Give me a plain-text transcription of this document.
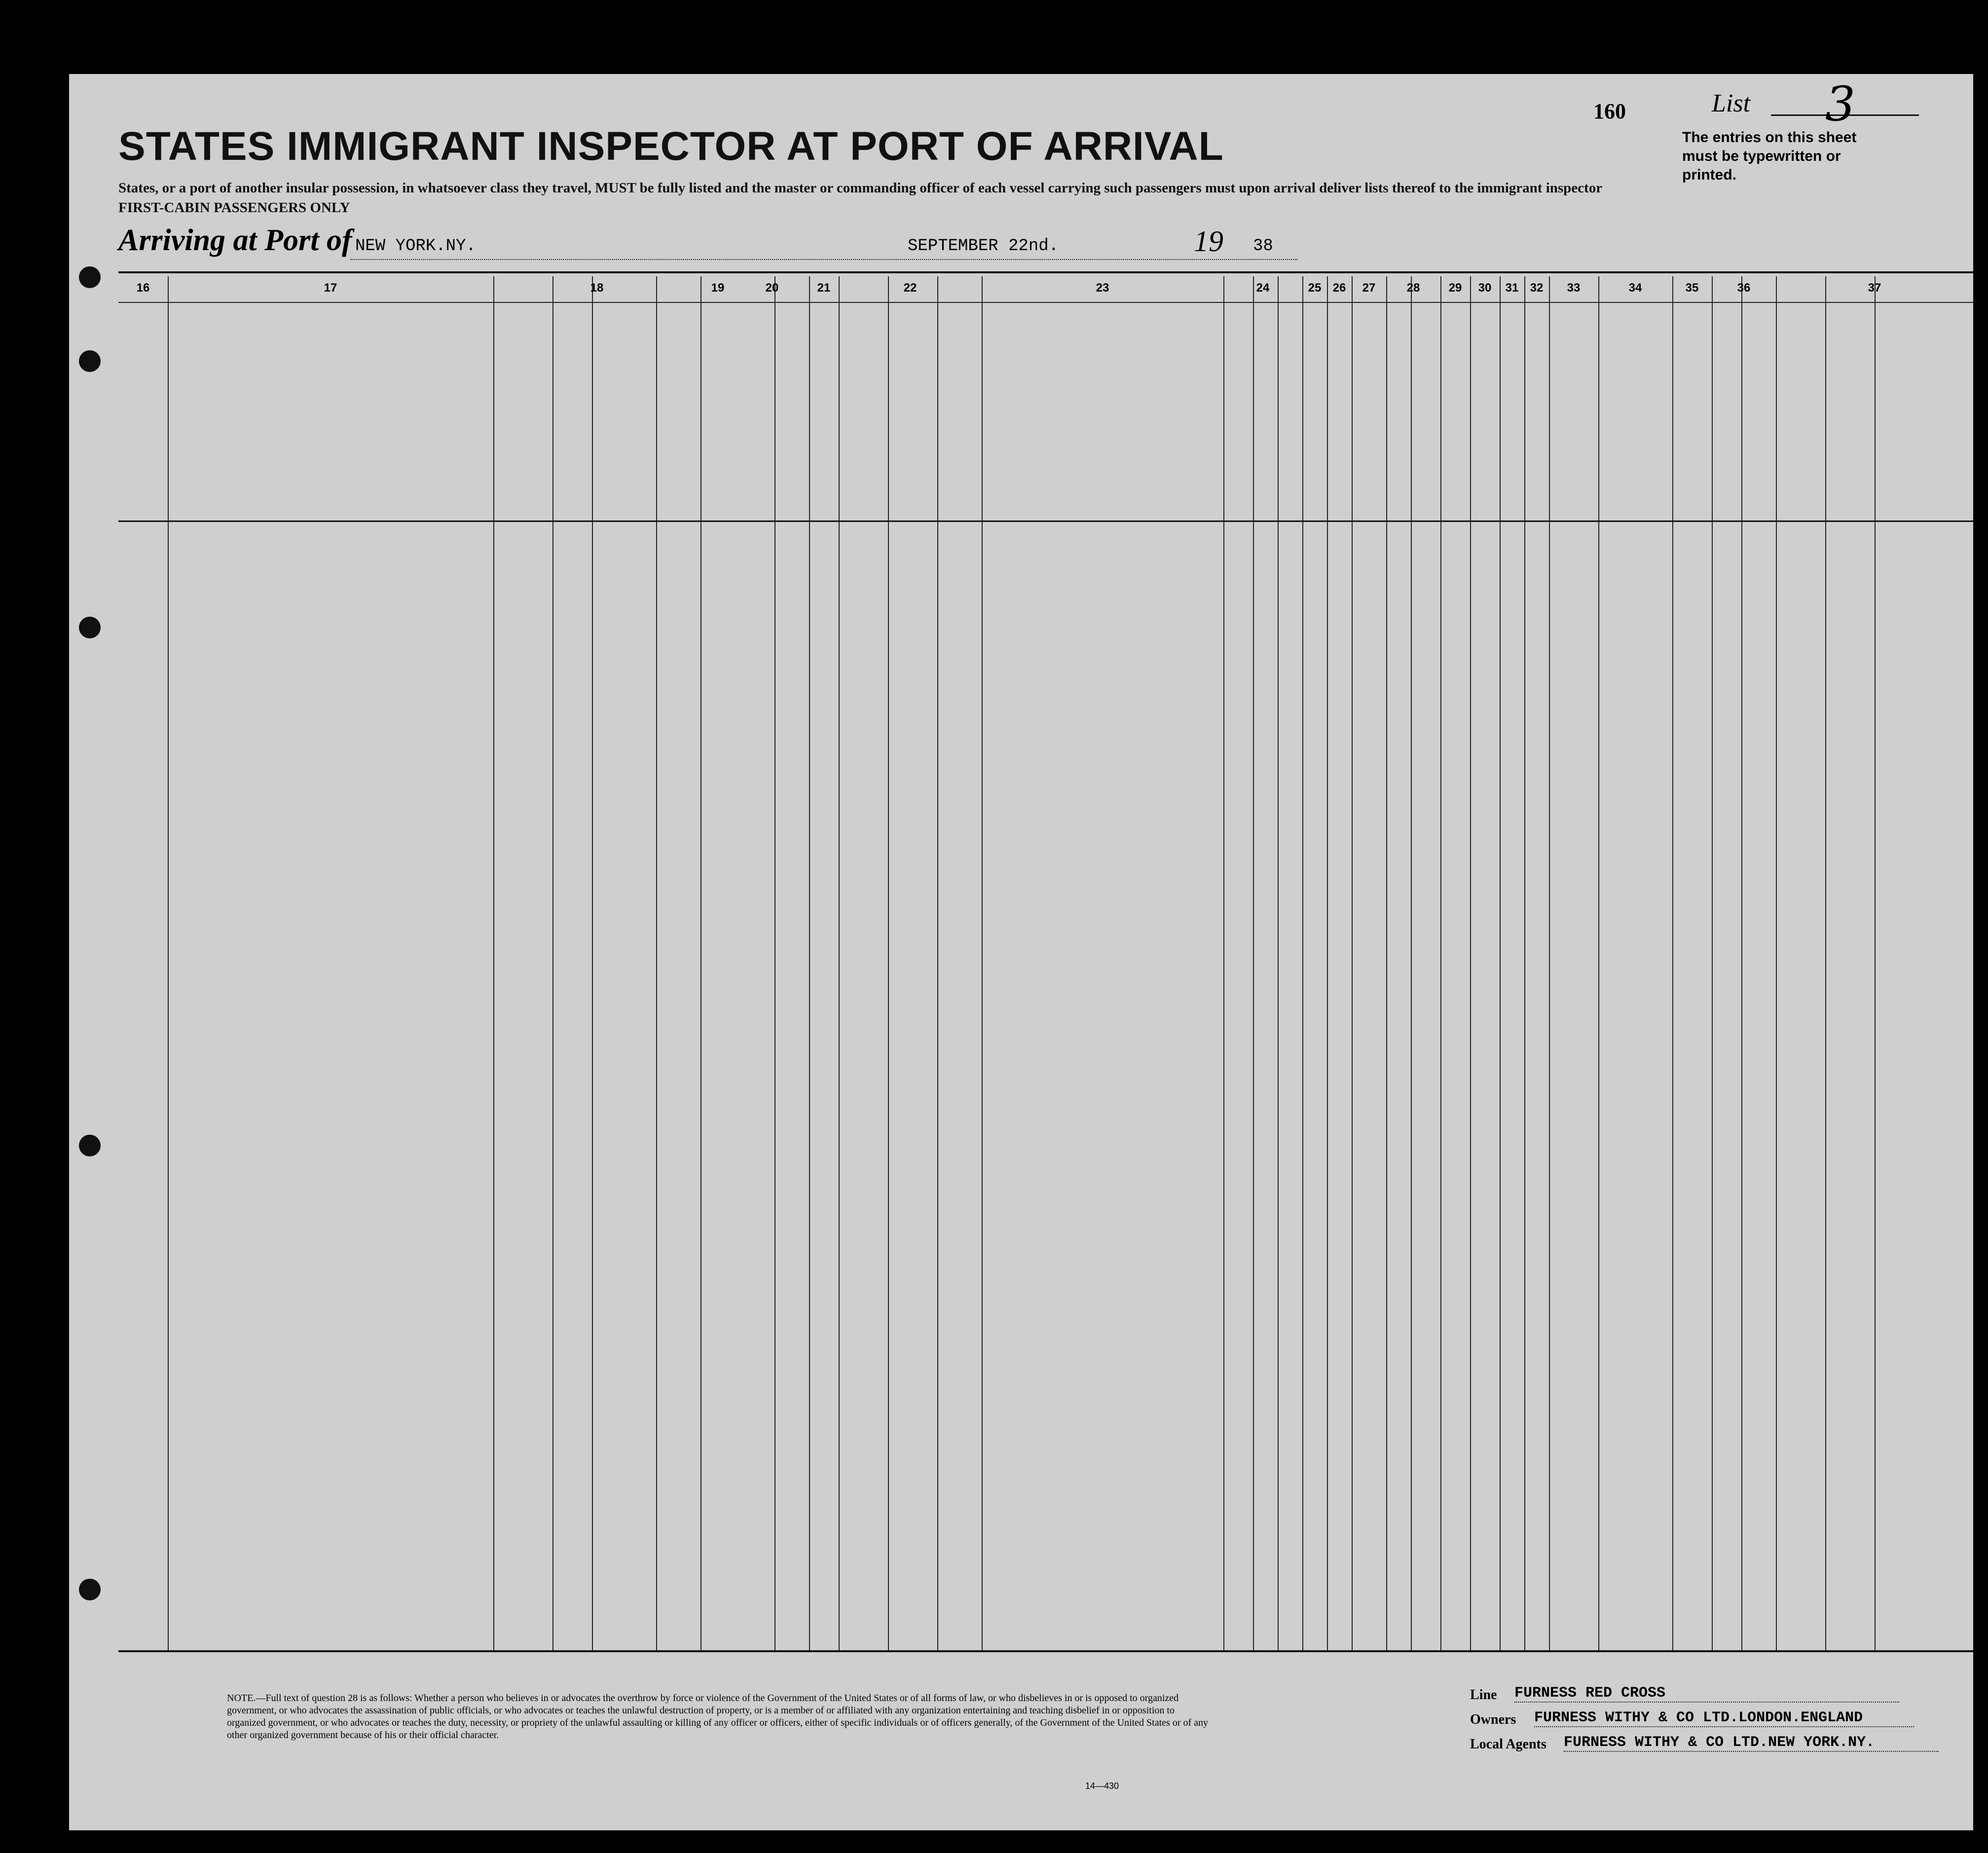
160	List 3
The entries on this sheet must be typewritten or printed.
STATES IMMIGRANT INSPECTOR AT PORT OF ARRIVAL
States, or a port of another insular possession, in whatsoever class they travel, MUST be fully listed and the master or commanding officer of each vessel carrying such passengers must upon arrival deliver lists thereof to the immigrant inspector
FIRST-CABIN PASSENGERS ONLY
Arriving at Port of NEW YORK.NY.	SEPTEMBER 22nd.	19 38
16	17	18	19	20	21	22	23	24	25 26	27	28	29	30	31 32	33	34	35	36	37
NOTE.—Full text of question 28 is as follows: Whether a person who believes in or advocates the overthrow by force or violence of the Government of the United States or of all forms of law, or who disbelieves in or is opposed to organized government, or who advocates the assassination of public officials, or who advocates or teaches the unlawful destruction of property, or is a member of or affiliated with any organization entertaining and teaching disbelief in or opposition to organized government, or who advocates or teaches the duty, necessity, or propriety of the unlawful assaulting or killing of any officer or officers, either of specific individuals or of officers generally, of the Government of the United States or of any other organized government because of his or their official character.
14—430
Line FURNESS RED CROSS
Owners FURNESS WITHY & CO LTD.LONDON.ENGLAND
Local Agents FURNESS WITHY & CO LTD.NEW YORK.NY.
